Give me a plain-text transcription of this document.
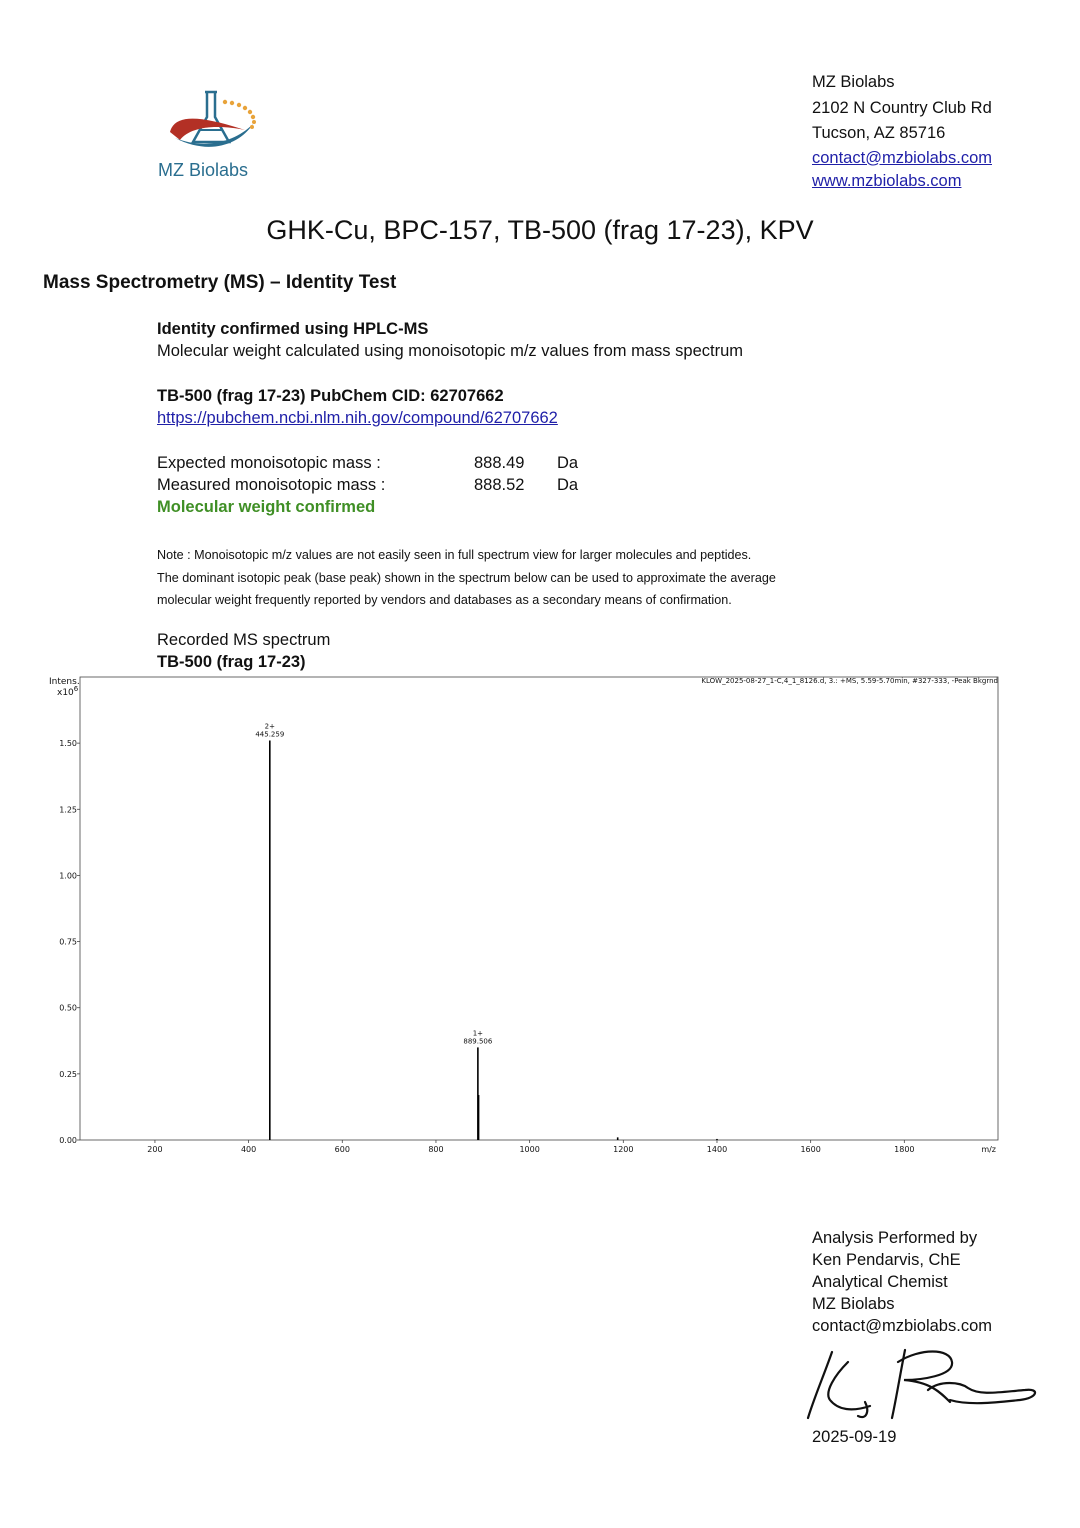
MZ Biolabs
MZ Biolabs
2102 N Country Club Rd
Tucson, AZ 85716
contact@mzbiolabs.com
www.mzbiolabs.com
GHK-Cu, BPC-157, TB-500 (frag 17-23), KPV
Mass Spectrometry (MS) – Identity Test
Identity confirmed using HPLC-MS
Molecular weight calculated using monoisotopic m/z values from mass spectrum
TB-500 (frag 17-23) PubChem CID: 62707662
https://pubchem.ncbi.nlm.nih.gov/compound/62707662
Expected monoisotopic mass :	888.49 Da
Measured monoisotopic mass :	888.52 Da
Molecular weight confirmed
Note : Monoisotopic m/z values are not easily seen in full spectrum view for larger molecules and peptides.
The dominant isotopic peak (base peak) shown in the spectrum below can be used to approximate the average
molecular weight frequently reported by vendors and databases as a secondary means of confirmation.
Recorded MS spectrum
TB-500 (frag 17-23)
Intens.
$x10^6$
KLOW_2025-08-27_1-C,4_1_8126.d, 3.: +MS, 5.59-5.70min, #327-333, -Peak Bkgrnd
200	400	600	800	1000	1200	1400	1600	1800	m/z
0.00
0.25
0.50
0.75
1.00
1.25
1.50
2+
445.259
1+
889.506
Analysis Performed by
Ken Pendarvis, ChE
Analytical Chemist
MZ Biolabs
contact@mzbiolabs.com
2025-09-19
